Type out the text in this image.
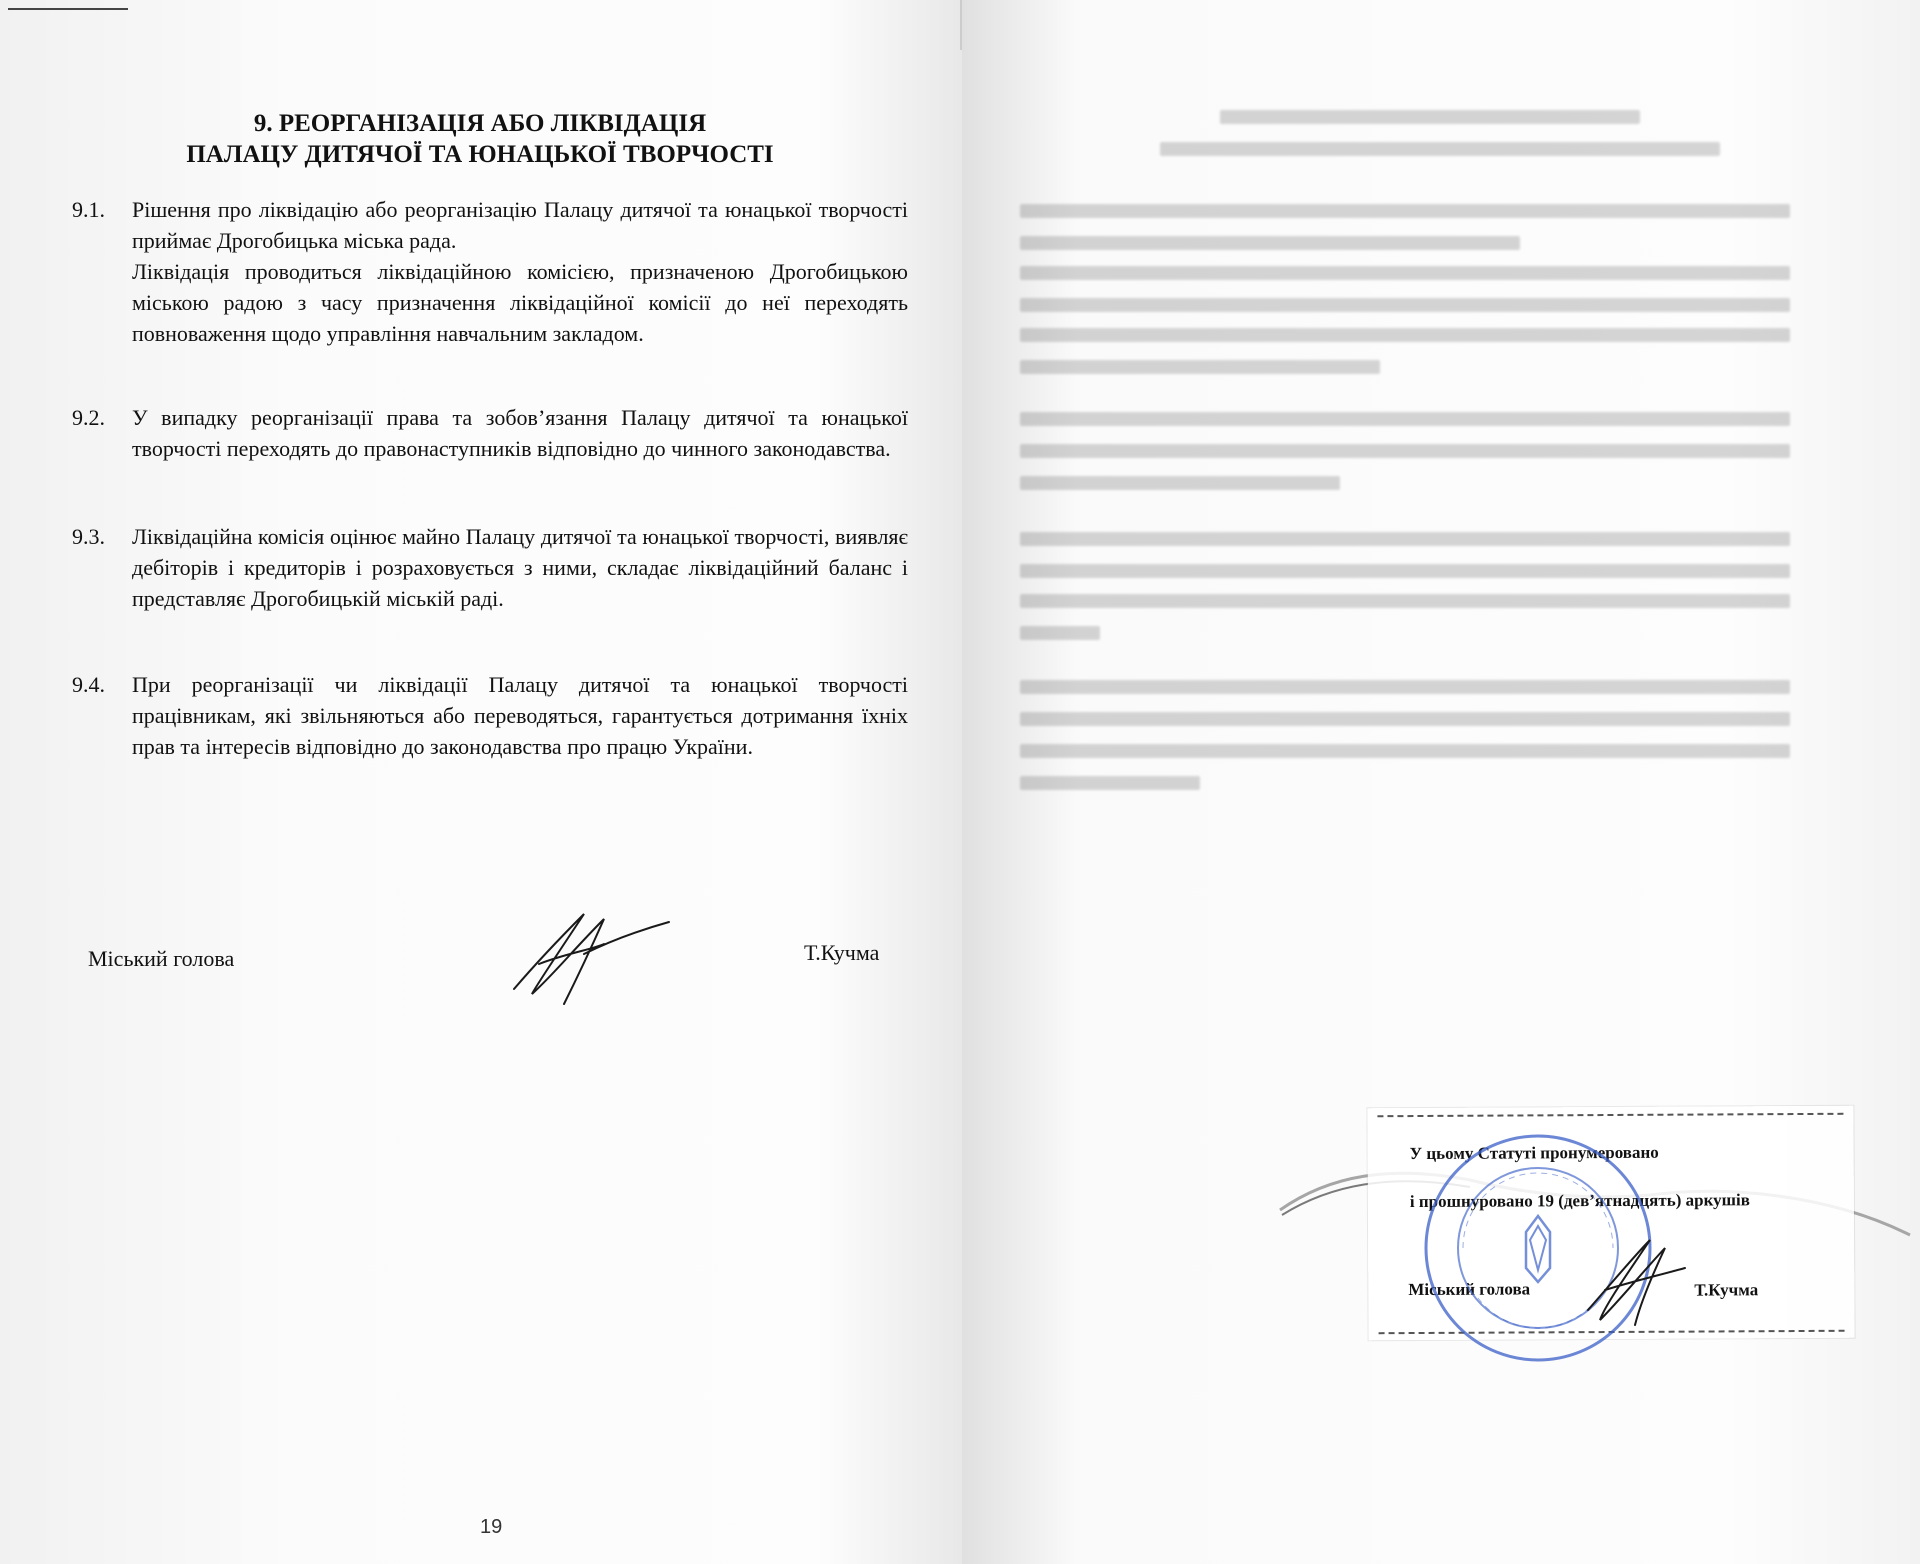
9. РЕОРГАНІЗАЦІЯ АБО ЛІКВІДАЦІЯ
ПАЛАЦУ ДИТЯЧОЇ ТА ЮНАЦЬКОЇ ТВОРЧОСТІ
9.1.	Рішення про ліквідацію або реорганізацію Палацу дитячої та юнацької творчості приймає Дрогобицька міська рада.

Ліквідація проводиться ліквідаційною комісією, призначеною Дрогобицькою міською радою з часу призначення ліквідаційної комісії до неї переходять повноваження щодо управління навчальним закладом.

9.2.	У випадку реорганізації права та зобов’язання Палацу дитячої та юнацької творчості переходять до правонаступників відповідно до чинного законодавства.

9.3.	Ліквідаційна комісія оцінює майно Палацу дитячої та юнацької творчості, виявляє дебіторів і кредиторів і розраховується з ними, складає ліквідаційний баланс і представляє Дрогобицькій міській раді.

9.4.	При реорганізації чи ліквідації Палацу дитячої та юнацької творчості працівникам, які звільняються або переводяться, гарантується дотримання їхніх прав та інтересів відповідно до законодавства про працю України.

Міський голова	Т.Кучма
19
У цьому Статуті пронумеровано
і прошнуровано 19 (дев’ятнадцять) аркушів
Міський голова	Т.Кучма
